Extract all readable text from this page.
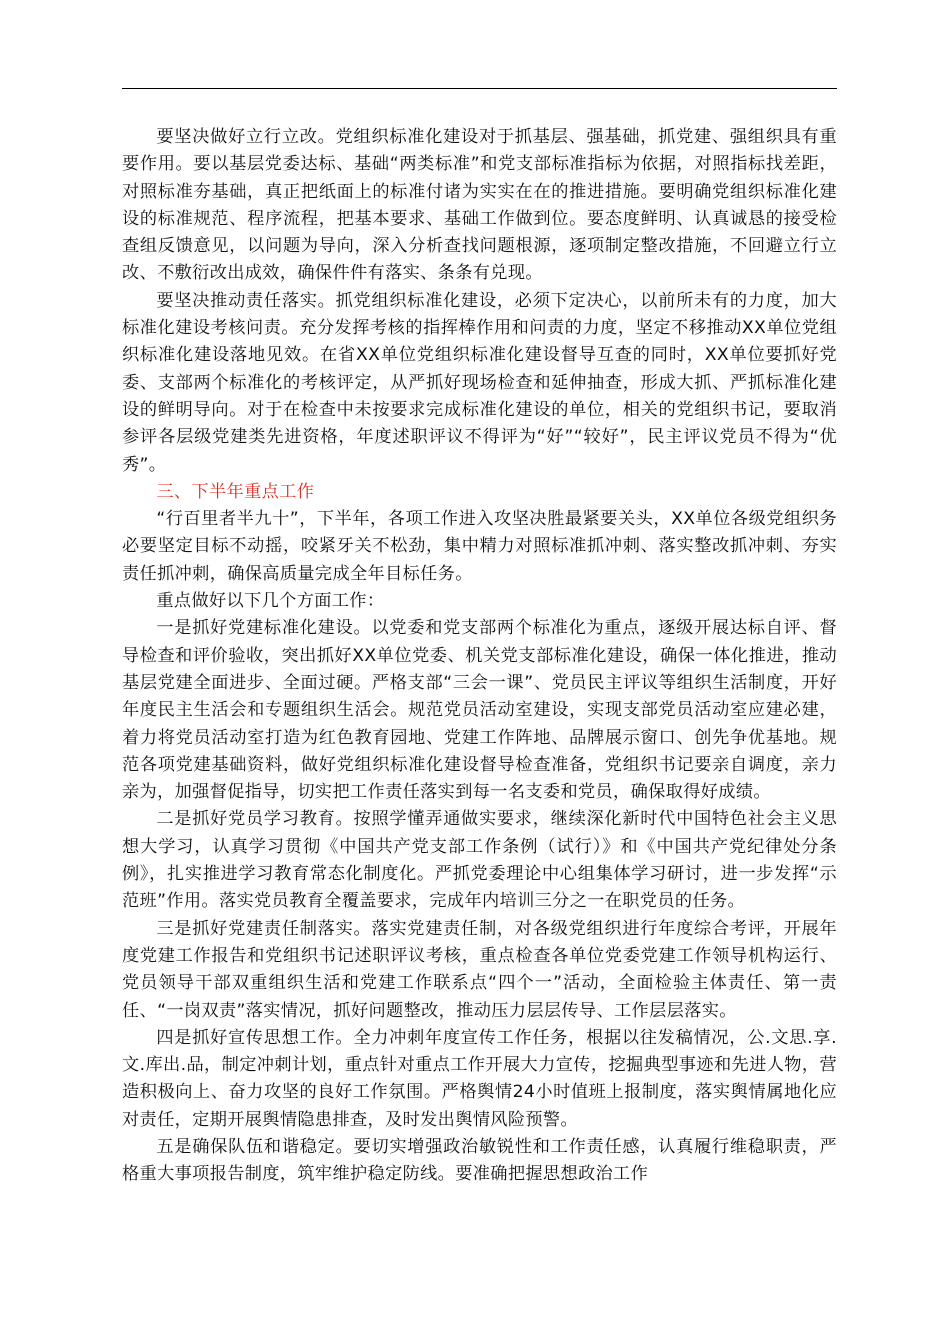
要坚决做好立行立改。党组织标准化建设对于抓基层、强基础，抓党建、强组织具有重要作用。要以基层党委达标、基础“两类标准”和党支部标准指标为依据，对照指标找差距，对照标准夯基础，真正把纸面上的标准付诸为实实在在的推进措施。要明确党组织标准化建设的标准规范、程序流程，把基本要求、基础工作做到位。要态度鲜明、认真诚恳的接受检查组反馈意见，以问题为导向，深入分析查找问题根源，逐项制定整改措施，不回避立行立改、不敷衍改出成效，确保件件有落实、条条有兑现。

要坚决推动责任落实。抓党组织标准化建设，必须下定决心，以前所未有的力度，加大标准化建设考核问责。充分发挥考核的指挥棒作用和问责的力度，坚定不移推动XX单位党组织标准化建设落地见效。在省XX单位党组织标准化建设督导互查的同时，XX单位要抓好党委、支部两个标准化的考核评定，从严抓好现场检查和延伸抽查，形成大抓、严抓标准化建设的鲜明导向。对于在检查中未按要求完成标准化建设的单位，相关的党组织书记，要取消参评各层级党建类先进资格，年度述职评议不得评为“好”“较好”，民主评议党员不得为“优秀”。

三、下半年重点工作

“行百里者半九十”，下半年，各项工作进入攻坚决胜最紧要关头，XX单位各级党组织务必要坚定目标不动摇，咬紧牙关不松劲，集中精力对照标准抓冲刺、落实整改抓冲刺、夯实责任抓冲刺，确保高质量完成全年目标任务。

重点做好以下几个方面工作：

一是抓好党建标准化建设。以党委和党支部两个标准化为重点，逐级开展达标自评、督导检查和评价验收，突出抓好XX单位党委、机关党支部标准化建设，确保一体化推进，推动基层党建全面进步、全面过硬。严格支部“三会一课”、党员民主评议等组织生活制度，开好年度民主生活会和专题组织生活会。规范党员活动室建设，实现支部党员活动室应建必建，着力将党员活动室打造为红色教育园地、党建工作阵地、品牌展示窗口、创先争优基地。规范各项党建基础资料，做好党组织标准化建设督导检查准备，党组织书记要亲自调度，亲力亲为，加强督促指导，切实把工作责任落实到每一名支委和党员，确保取得好成绩。

二是抓好党员学习教育。按照学懂弄通做实要求，继续深化新时代中国特色社会主义思想大学习，认真学习贯彻《中国共产党支部工作条例（试行）》和《中国共产党纪律处分条例》，扎实推进学习教育常态化制度化。严抓党委理论中心组集体学习研讨，进一步发挥“示范班”作用。落实党员教育全覆盖要求，完成年内培训三分之一在职党员的任务。

三是抓好党建责任制落实。落实党建责任制，对各级党组织进行年度综合考评，开展年度党建工作报告和党组织书记述职评议考核，重点检查各单位党委党建工作领导机构运行、党员领导干部双重组织生活和党建工作联系点“四个一”活动，全面检验主体责任、第一责任、“一岗双责”落实情况，抓好问题整改，推动压力层层传导、工作层层落实。

四是抓好宣传思想工作。全力冲刺年度宣传工作任务，根据以往发稿情况，公.文思.享.文.库出.品，制定冲刺计划，重点针对重点工作开展大力宣传，挖掘典型事迹和先进人物，营造积极向上、奋力攻坚的良好工作氛围。严格舆情24小时值班上报制度，落实舆情属地化应对责任，定期开展舆情隐患排查，及时发出舆情风险预警。

五是确保队伍和谐稳定。要切实增强政治敏锐性和工作责任感，认真履行维稳职责，严格重大事项报告制度，筑牢维护稳定防线。要准确把握思想政治工作
